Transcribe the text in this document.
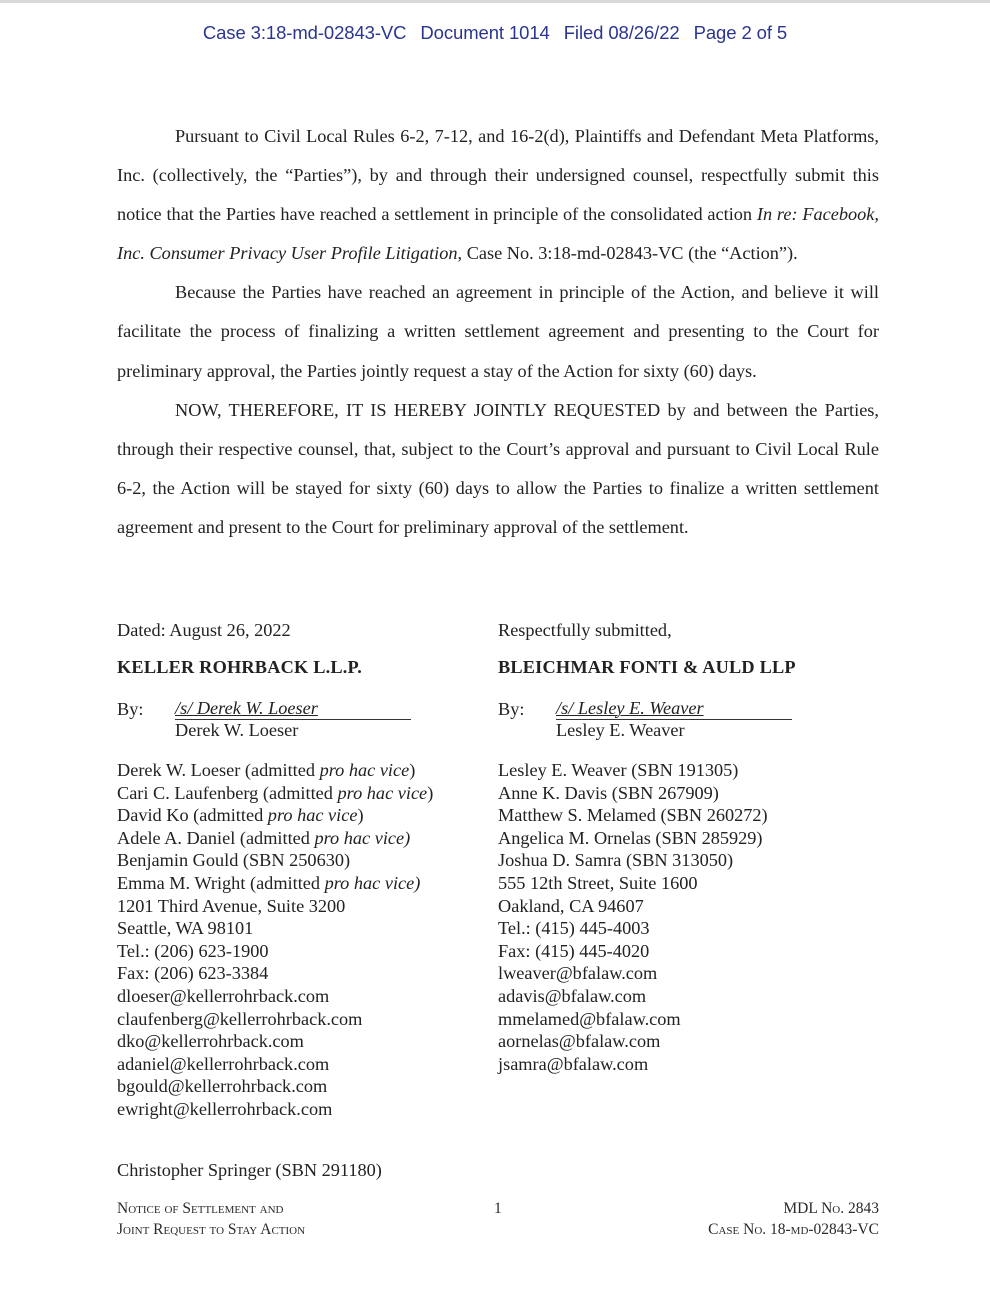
Case 3:18-md-02843-VC Document 1014 Filed 08/26/22 Page 2 of 5

Pursuant to Civil Local Rules 6-2, 7-12, and 16-2(d), Plaintiffs and Defendant Meta Platforms, Inc. (collectively, the “Parties”), by and through their undersigned counsel, respectfully submit this notice that the Parties have reached a settlement in principle of the consolidated action In re: Facebook, Inc. Consumer Privacy User Profile Litigation, Case No. 3:18-md-02843-VC (the “Action”).

Because the Parties have reached an agreement in principle of the Action, and believe it will facilitate the process of finalizing a written settlement agreement and presenting to the Court for preliminary approval, the Parties jointly request a stay of the Action for sixty (60) days.

NOW, THEREFORE, IT IS HEREBY JOINTLY REQUESTED by and between the Parties, through their respective counsel, that, subject to the Court’s approval and pursuant to Civil Local Rule 6-2, the Action will be stayed for sixty (60) days to allow the Parties to finalize a written settlement agreement and present to the Court for preliminary approval of the settlement.

Dated: August 26, 2022
KELLER ROHRBACK L.L.P.
By: /s/ Derek W. Loeser
Derek W. Loeser
Derek W. Loeser (admitted pro hac vice)
Cari C. Laufenberg (admitted pro hac vice)
David Ko (admitted pro hac vice)
Adele A. Daniel (admitted pro hac vice)
Benjamin Gould (SBN 250630)
Emma M. Wright (admitted pro hac vice)
1201 Third Avenue, Suite 3200
Seattle, WA 98101
Tel.: (206) 623-1900
Fax: (206) 623-3384
dloeser@kellerrohrback.com
claufenberg@kellerrohrback.com
dko@kellerrohrback.com
adaniel@kellerrohrback.com
bgould@kellerrohrback.com
ewright@kellerrohrback.com
Respectfully submitted,
BLEICHMAR FONTI & AULD LLP
By: /s/ Lesley E. Weaver
Lesley E. Weaver
Lesley E. Weaver (SBN 191305)
Anne K. Davis (SBN 267909)
Matthew S. Melamed (SBN 260272)
Angelica M. Ornelas (SBN 285929)
Joshua D. Samra (SBN 313050)
555 12th Street, Suite 1600
Oakland, CA 94607
Tel.: (415) 445-4003
Fax: (415) 445-4020
lweaver@bfalaw.com
adavis@bfalaw.com
mmelamed@bfalaw.com
aornelas@bfalaw.com
jsamra@bfalaw.com
Christopher Springer (SBN 291180)
Notice of Settlement and
Joint Request to Stay Action
1	MDL No. 2843
Case No. 18-md-02843-VC
